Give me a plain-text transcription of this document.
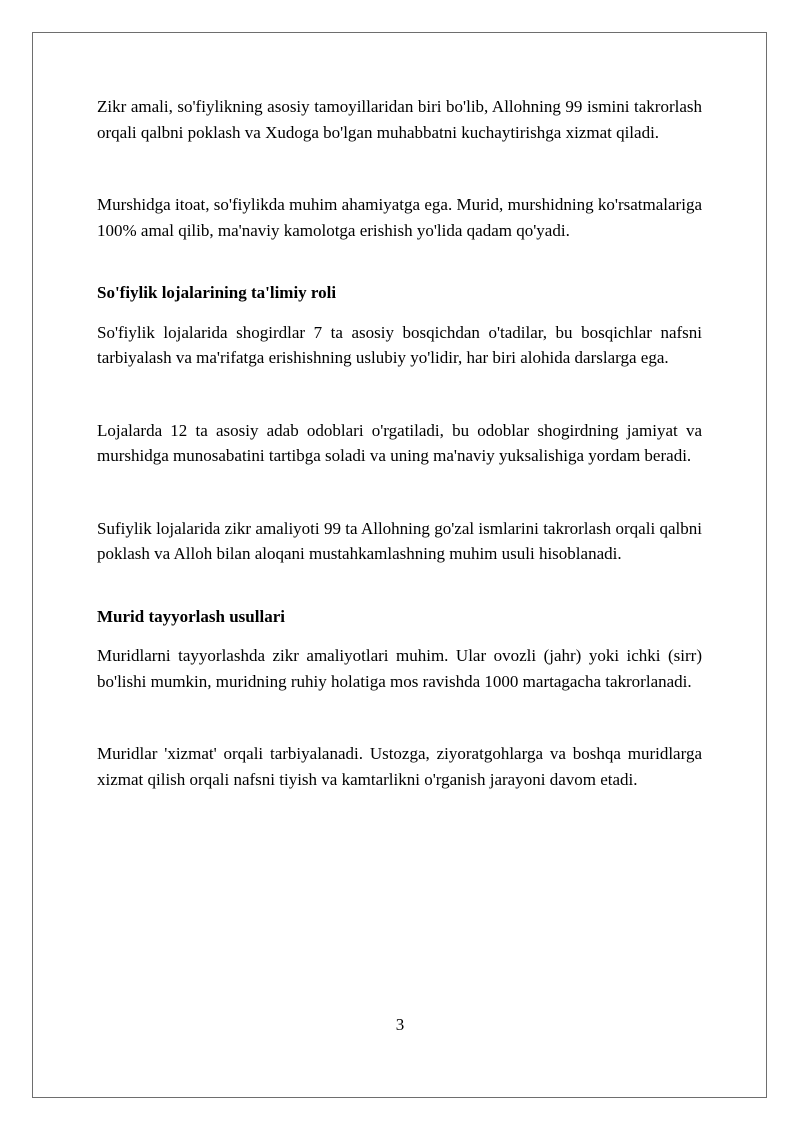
Zikr amali, so'fiylikning asosiy tamoyillaridan biri bo'lib, Allohning 99 ismini takrorlash orqali qalbni poklash va Xudoga bo'lgan muhabbatni kuchaytirishga xizmat qiladi.

Murshidga itoat, so'fiylikda muhim ahamiyatga ega. Murid, murshidning ko'rsatmalariga 100% amal qilib, ma'naviy kamolotga erishish yo'lida qadam qo'yadi.

So'fiylik lojalarining ta'limiy roli

So'fiylik lojalarida shogirdlar 7 ta asosiy bosqichdan o'tadilar, bu bosqichlar nafsni tarbiyalash va ma'rifatga erishishning uslubiy yo'lidir, har biri alohida darslarga ega.

Lojalarda 12 ta asosiy adab odoblari o'rgatiladi, bu odoblar shogirdning jamiyat va murshidga munosabatini tartibga soladi va uning ma'naviy yuksalishiga yordam beradi.

Sufiylik lojalarida zikr amaliyoti 99 ta Allohning go'zal ismlarini takrorlash orqali qalbni poklash va Alloh bilan aloqani mustahkamlashning muhim usuli hisoblanadi.

Murid tayyorlash usullari

Muridlarni tayyorlashda zikr amaliyotlari muhim. Ular ovozli (jahr) yoki ichki (sirr) bo'lishi mumkin, muridning ruhiy holatiga mos ravishda 1000 martagacha takrorlanadi.

Muridlar 'xizmat' orqali tarbiyalanadi. Ustozga, ziyoratgohlarga va boshqa muridlarga xizmat qilish orqali nafsni tiyish va kamtarlikni o'rganish jarayoni davom etadi.

3
